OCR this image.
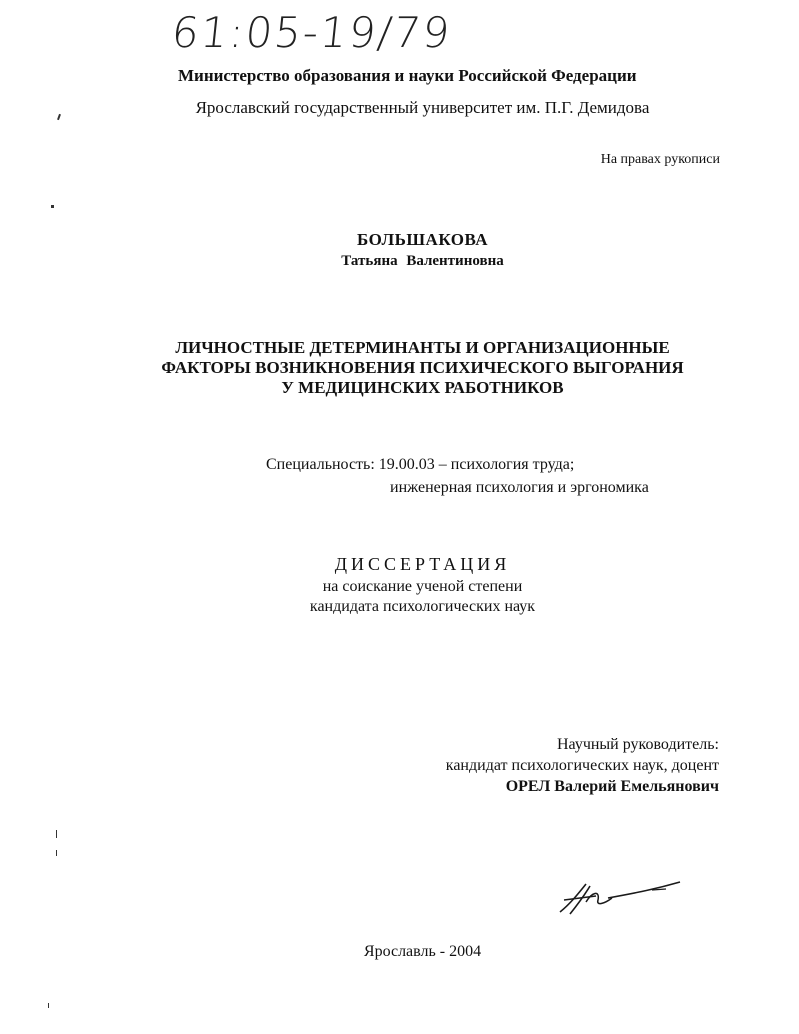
61:05-19/79
Министерство образования и науки Российской Федерации
Ярославский государственный университет им. П.Г. Демидова
На правах рукописи
БОЛЬШАКОВА
Татьяна Валентиновна
ЛИЧНОСТНЫЕ ДЕТЕРМИНАНТЫ И ОРГАНИЗАЦИОННЫЕ
ФАКТОРЫ ВОЗНИКНОВЕНИЯ ПСИХИЧЕСКОГО ВЫГОРАНИЯ
У МЕДИЦИНСКИХ РАБОТНИКОВ
Специальность: 19.00.03 – психология труда;
инженерная психология и эргономика
ДИССЕРТАЦИЯ
на соискание ученой степени
кандидата психологических наук
Научный руководитель:
кандидат психологических наук, доцент
ОРЕЛ Валерий Емельянович
Ярославль - 2004
